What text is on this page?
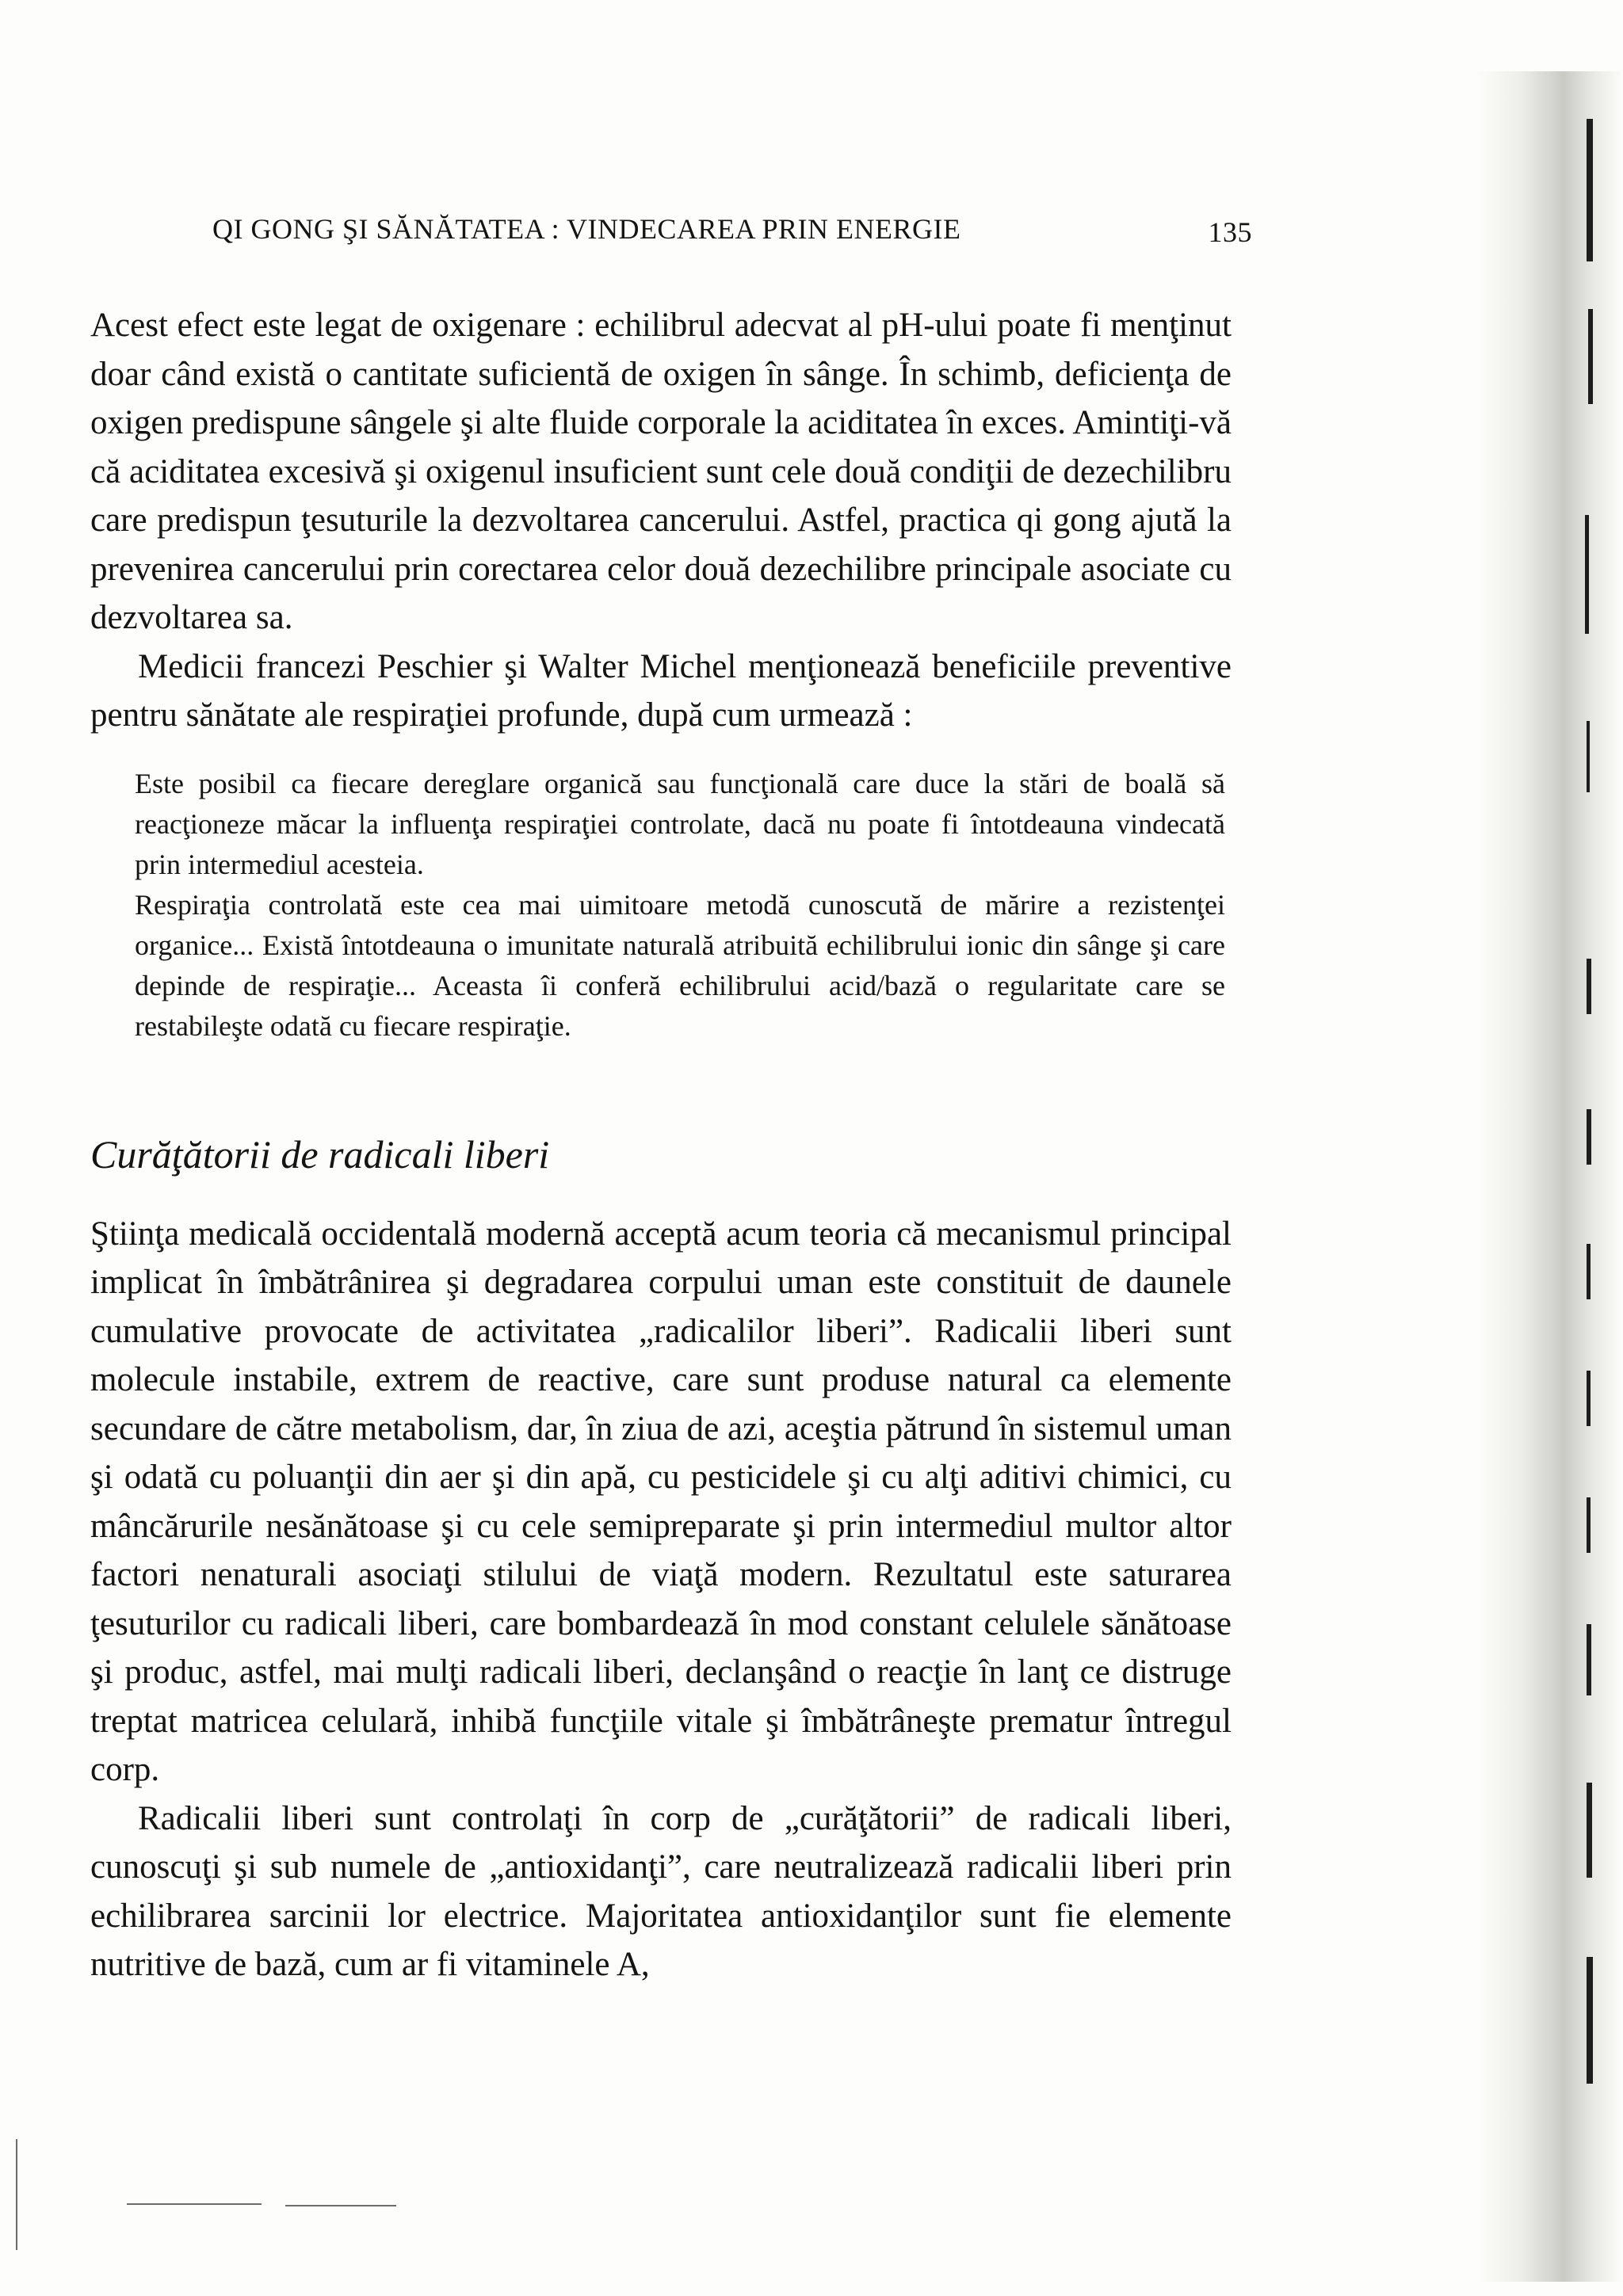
QI GONG ŞI SĂNĂTATEA : VINDECAREA PRIN ENERGIE	135

Acest efect este legat de oxigenare : echilibrul adecvat al pH-ului poate fi menţinut doar când există o cantitate suficientă de oxigen în sânge. În schimb, deficienţa de oxigen predispune sângele şi alte fluide corporale la aciditatea în exces. Amintiţi-vă că aciditatea excesivă şi oxigenul insuficient sunt cele două condiţii de dezechilibru care predispun ţesuturile la dezvoltarea cancerului. Astfel, practica qi gong ajută la prevenirea cancerului prin corectarea celor două dezechilibre principale asociate cu dezvoltarea sa.

Medicii francezi Peschier şi Walter Michel menţionează beneficiile preventive pentru sănătate ale respiraţiei profunde, după cum urmează :

Este posibil ca fiecare dereglare organică sau funcţională care duce la stări de boală să reacţioneze măcar la influenţa respiraţiei controlate, dacă nu poate fi întotdeauna vindecată prin intermediul acesteia.

Respiraţia controlată este cea mai uimitoare metodă cunoscută de mărire a rezistenţei organice... Există întotdeauna o imunitate naturală atribuită echilibrului ionic din sânge şi care depinde de respiraţie... Aceasta îi conferă echilibrului acid/bază o regularitate care se restabileşte odată cu fiecare respiraţie.

Curăţătorii de radicali liberi

Ştiinţa medicală occidentală modernă acceptă acum teoria că mecanismul principal implicat în îmbătrânirea şi degradarea corpului uman este constituit de daunele cumulative provocate de activitatea „radicalilor liberi”. Radicalii liberi sunt molecule instabile, extrem de reactive, care sunt produse natural ca elemente secundare de către metabolism, dar, în ziua de azi, aceştia pătrund în sistemul uman şi odată cu poluanţii din aer şi din apă, cu pesticidele şi cu alţi aditivi chimici, cu mâncărurile nesănătoase şi cu cele semipreparate şi prin intermediul multor altor factori nenaturali asociaţi stilului de viaţă modern. Rezultatul este saturarea ţesuturilor cu radicali liberi, care bombardează în mod constant celulele sănătoase şi produc, astfel, mai mulţi radicali liberi, declanşând o reacţie în lanţ ce distruge treptat matricea celulară, inhibă funcţiile vitale şi îmbătrâneşte prematur întregul corp.

Radicalii liberi sunt controlaţi în corp de „curăţătorii” de radicali liberi, cunoscuţi şi sub numele de „antioxidanţi”, care neutralizează radicalii liberi prin echilibrarea sarcinii lor electrice. Majoritatea antioxidanţilor sunt fie elemente nutritive de bază, cum ar fi vitaminele A,
